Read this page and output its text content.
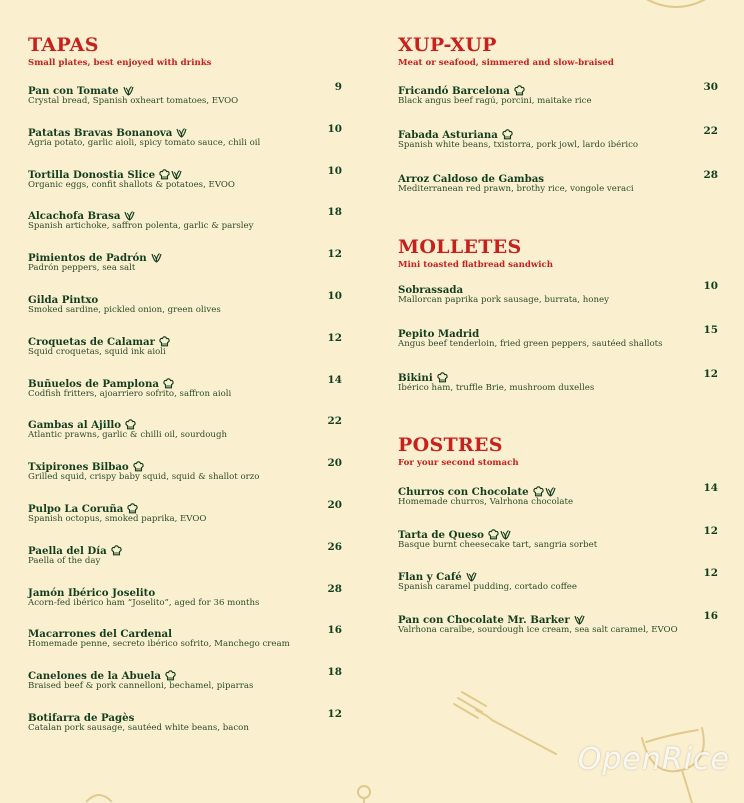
TAPAS
Small plates, best enjoyed with drinks
Pan con Tomate	9
Crystal bread, Spanish oxheart tomatoes, EVOO
Patatas Bravas Bonanova	10
Agria potato, garlic aioli, spicy tomato sauce, chili oil
Tortilla Donostia Slice	10
Organic eggs, confit shallots & potatoes, EVOO
Alcachofa Brasa	18
Spanish artichoke, saffron polenta, garlic & parsley
Pimientos de Padrón	12
Padrón peppers, sea salt
Gilda Pintxo	10
Smoked sardine, pickled onion, green olives
Croquetas de Calamar	12
Squid croquetas, squid ink aioli
Buñuelos de Pamplona	14
Codfish fritters, ajoarriero sofrito, saffron aioli
Gambas al Ajillo	22
Atlantic prawns, garlic & chilli oil, sourdough
Txipirones Bilbao	20
Grilled squid, crispy baby squid, squid & shallot orzo
Pulpo La Coruña	20
Spanish octopus, smoked paprika, EVOO
Paella del Día	26
Paella of the day
Jamón Ibérico Joselito	28
Acorn-fed ibérico ham “Joselito”, aged for 36 months
Macarrones del Cardenal	16
Homemade penne, secreto ibérico sofrito, Manchego cream
Canelones de la Abuela	18
Braised beef & pork cannelloni, bechamel, piparras
Botifarra de Pagès	12
Catalan pork sausage, sautéed white beans, bacon
XUP-XUP
Meat or seafood, simmered and slow-braised
Fricandó Barcelona	30
Black angus beef ragú, porcini, maitake rice
Fabada Asturiana	22
Spanish white beans, txistorra, pork jowl, lardo ibérico
Arroz Caldoso de Gambas	28
Mediterranean red prawn, brothy rice, vongole veraci
MOLLETES
Mini toasted flatbread sandwich
Sobrassada	10
Mallorcan paprika pork sausage, burrata, honey
Pepito Madrid	15
Angus beef tenderloin, fried green peppers, sautéed shallots
Bikini	12
Ibérico ham, truffle Brie, mushroom duxelles
POSTRES
For your second stomach
Churros con Chocolate	14
Homemade churros, Valrhona chocolate
Tarta de Queso	12
Basque burnt cheesecake tart, sangria sorbet
Flan y Café	12
Spanish caramel pudding, cortado coffee
Pan con Chocolate Mr. Barker	16
Valrhona caraïbe, sourdough ice cream, sea salt caramel, EVOO
OpenRice
